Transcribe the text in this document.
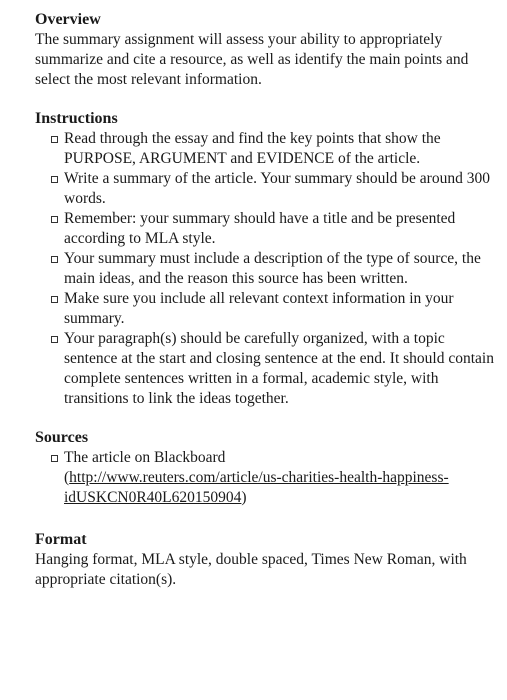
Overview

The summary assignment will assess your ability to appropriately summarize and cite a resource, as well as identify the main points and select the most relevant information.

Instructions

Read through the essay and find the key points that show the PURPOSE, ARGUMENT and EVIDENCE of the article.
Write a summary of the article. Your summary should be around 300 words.
Remember: your summary should have a title and be presented according to MLA style.
Your summary must include a description of the type of source, the main ideas, and the reason this source has been written.
Make sure you include all relevant context information in your summary.
Your paragraph(s) should be carefully organized, with a topic sentence at the start and closing sentence at the end. It should contain complete sentences written in a formal, academic style, with transitions to link the ideas together.

Sources

The article on Blackboard
(http://www.reuters.com/article/us-charities-health-happiness-idUSKCN0R40L620150904)

Format

Hanging format, MLA style, double spaced, Times New Roman, with appropriate citation(s).
